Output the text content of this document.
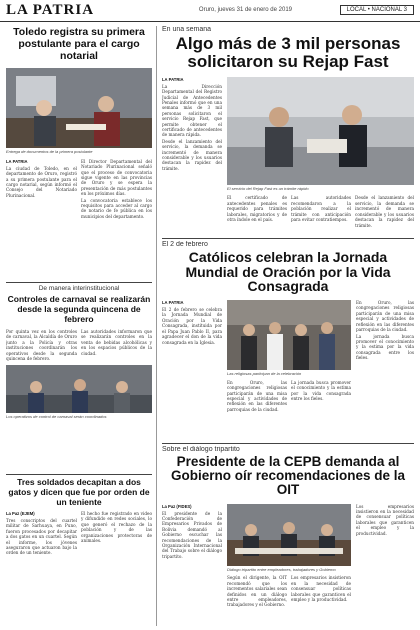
LA PATRIA	Oruro, jueves 31 de enero de 2019	LOCAL • NACIONAL 3
Toledo registra su primera postulante para el cargo notarial
Entrega de documentos de la primera postulante
LA PATRIA

La ciudad de Toledo, en el departamento de Oruro, registró a su primera postulante para el cargo notarial, según informó el Consejo del Notariado Plurinacional.

El Director Departamental del Notariado Plurinacional señaló que el proceso de convocatoria sigue vigente en las provincias de Oruro y se espera la presentación de más postulantes en los próximos días.

La convocatoria establece los requisitos para acceder al cargo de notario de fe pública en los municipios del departamento.

De manera interinstitucional
Controles de carnaval se realizarán desde la segunda quincena de febrero

Por quinta vez en los controles de carnaval, la Alcaldía de Oruro junto a la Policía y otras instituciones coordinarán los operativos desde la segunda quincena de febrero.

Las autoridades informaron que se realizarán controles en la venta de bebidas alcohólicas y en los espacios públicos de la ciudad.

Los operativos de control de carnaval serán coordinados
Tres soldados decapitan a dos gatos y dicen que fue por orden de un teniente
La Paz (EJEM)

Tres conscriptos del cuartel militar de Sarhuaya, en Puno, fueron procesados por decapitar a dos gatos en un cuartel. Según el informe, los jóvenes aseguraron que actuaron bajo la orden de un teniente.

El hecho fue registrado en video y difundido en redes sociales, lo que generó el rechazo de la población y de las organizaciones protectoras de animales.

En una semana
Algo más de 3 mil personas solicitaron su Rejap Fast
LA PATRIA

La Dirección Departamental del Registro Judicial de Antecedentes Penales informó que en una semana más de 3 mil personas solicitaron el servicio Rejap Fast, que permite obtener el certificado de antecedentes de manera rápida.

Desde el lanzamiento del servicio, la demanda se incrementó de manera considerable y los usuarios destacan la rapidez del trámite.

El servicio del Rejap Fast es un trámite rápido

El certificado de antecedentes penales es requerido para trámites laborales, migratorios y de otra índole en el país.

Las autoridades recomendaron a la población realizar el trámite con anticipación para evitar contratiempos.

Desde el lanzamiento del servicio, la demanda se incrementó de manera considerable y los usuarios destacan la rapidez del trámite.

El 2 de febrero
Católicos celebran la Jornada Mundial de Oración por la Vida Consagrada
LA PATRIA

El 2 de febrero se celebra la Jornada Mundial de Oración por la Vida Consagrada, instituida por el Papa Juan Pablo II, para agradecer el don de la vida consagrada en la Iglesia.

Las religiosas participan de la celebración

En Oruro, las congregaciones religiosas participarán de una misa especial y actividades de reflexión en las diferentes parroquias de la ciudad.

La jornada busca promover el conocimiento y la estima por la vida consagrada entre los fieles.

En Oruro, las congregaciones religiosas participarán de una misa especial y actividades de reflexión en las diferentes parroquias de la ciudad.

La jornada busca promover el conocimiento y la estima por la vida consagrada entre los fieles.

Sobre el diálogo tripartito
Presidente de la CEPB demanda al Gobierno oír recomendaciones de la OIT
La Paz (FIDES)

El presidente de la Confederación de Empresarios Privados de Bolivia demandó al Gobierno escuchar las recomendaciones de la Organización Internacional del Trabajo sobre el diálogo tripartito.

Diálogo tripartito entre empleadores, trabajadores y Gobierno

Según el dirigente, la OIT recomendó que los incrementos salariales sean definidos en un diálogo entre empleadores, trabajadores y el Gobierno.

Los empresarios insistieron en la necesidad de consensuar políticas laborales que garanticen el empleo y la productividad.

Los empresarios insistieron en la necesidad de consensuar políticas laborales que garanticen el empleo y la productividad.
